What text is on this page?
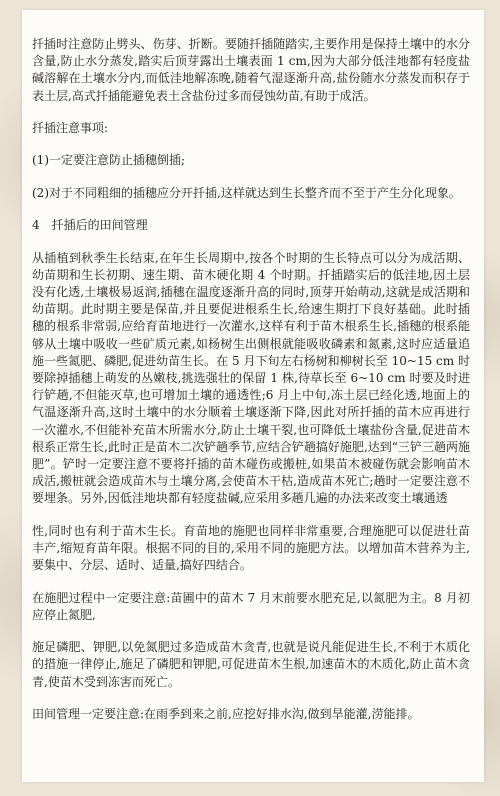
扦插时注意防止劈头、伤芽、折断。要随扦插随踏实,主要作用是保持土壤中的水分含量,防止水分蒸发,踏实后顶芽露出土壤表面 1 cm,因为大部分低洼地都有轻度盐碱溶解在土壤水分内,而低洼地解冻晚,随着气湿逐渐升高,盐份随水分蒸发而积存于表土层,高式扦插能避免表土含盐份过多而侵蚀幼苗,有助于成活。

扦插注意事项:

(1)一定要注意防止插穗倒插;

(2)对于不同粗细的插穗应分开扦插,这样就达到生长整齐而不至于产生分化现象。

4　扦插后的田间管理

从插植到秋季生长结束,在年生长周期中,按各个时期的生长特点可以分为成活期、幼苗期和生长初期、速生期、苗木硬化期 4 个时期。扦插踏实后的低洼地,因土层没有化透,土壤极易返润,插穗在温度逐渐升高的同时,顶芽开始萌动,这就是成活期和幼苗期。此时期主要是保苗,并且要促进根系生长,给速生期打下良好基础。此时插穗的根系非常弱,应给育苗地进行一次灌水,这样有利于苗木根系生长,插穗的根系能够从土壤中吸收一些矿质元素,如杨树生出侧根就能吸收磷素和氮素,这时应适量追施一些氮肥、磷肥,促进幼苗生长。在 5 月下旬左右杨树和柳树长至 10~15 cm 时要除掉插穗上萌发的丛嫩枝,挑选强壮的保留 1 株,待草长至 6~10 cm 时要及时进行铲趟,不但能灭草,也可增加土壤的通透性;6 月上中旬,冻土层已经化透,地面上的气温逐渐升高,这时土壤中的水分顺着土壤逐渐下降,因此对所扦插的苗木应再进行一次灌水,不但能补充苗木所需水分,防止土壤干裂,也可降低土壤盐份含量,促进苗木根系正常生长,此时正是苗木二次铲趟季节,应结合铲趟搞好施肥,达到“三铲三趟两施肥”。铲时一定要注意不要将扦插的苗木碰伤或搬桩,如果苗木被碰伤就会影响苗木成活,搬桩就会造成苗木与土壤分离,会使苗木干枯,造成苗木死亡;趟时一定要注意不要埋条。另外,因低洼地块都有轻度盐碱,应采用多趟几遍的办法来改变土壤通透

性,同时也有利于苗木生长。育苗地的施肥也同样非常重要,合理施肥可以促进壮苗丰产,缩短育苗年限。根据不同的目的,采用不同的施肥方法。以增加苗木营养为主,要集中、分层、适时、适量,搞好四结合。

在施肥过程中一定要注意:苗圃中的苗木 7 月末前要水肥充足,以氮肥为主。8 月初应停止氮肥,

施足磷肥、钾肥,以免氮肥过多造成苗木贪青,也就是说凡能促进生长,不利于木质化的措施一律停止,施足了磷肥和钾肥,可促进苗木生根,加速苗木的木质化,防止苗木贪青,使苗木受到冻害而死亡。

田间管理一定要注意:在雨季到来之前,应挖好排水沟,做到旱能灌,涝能排。
